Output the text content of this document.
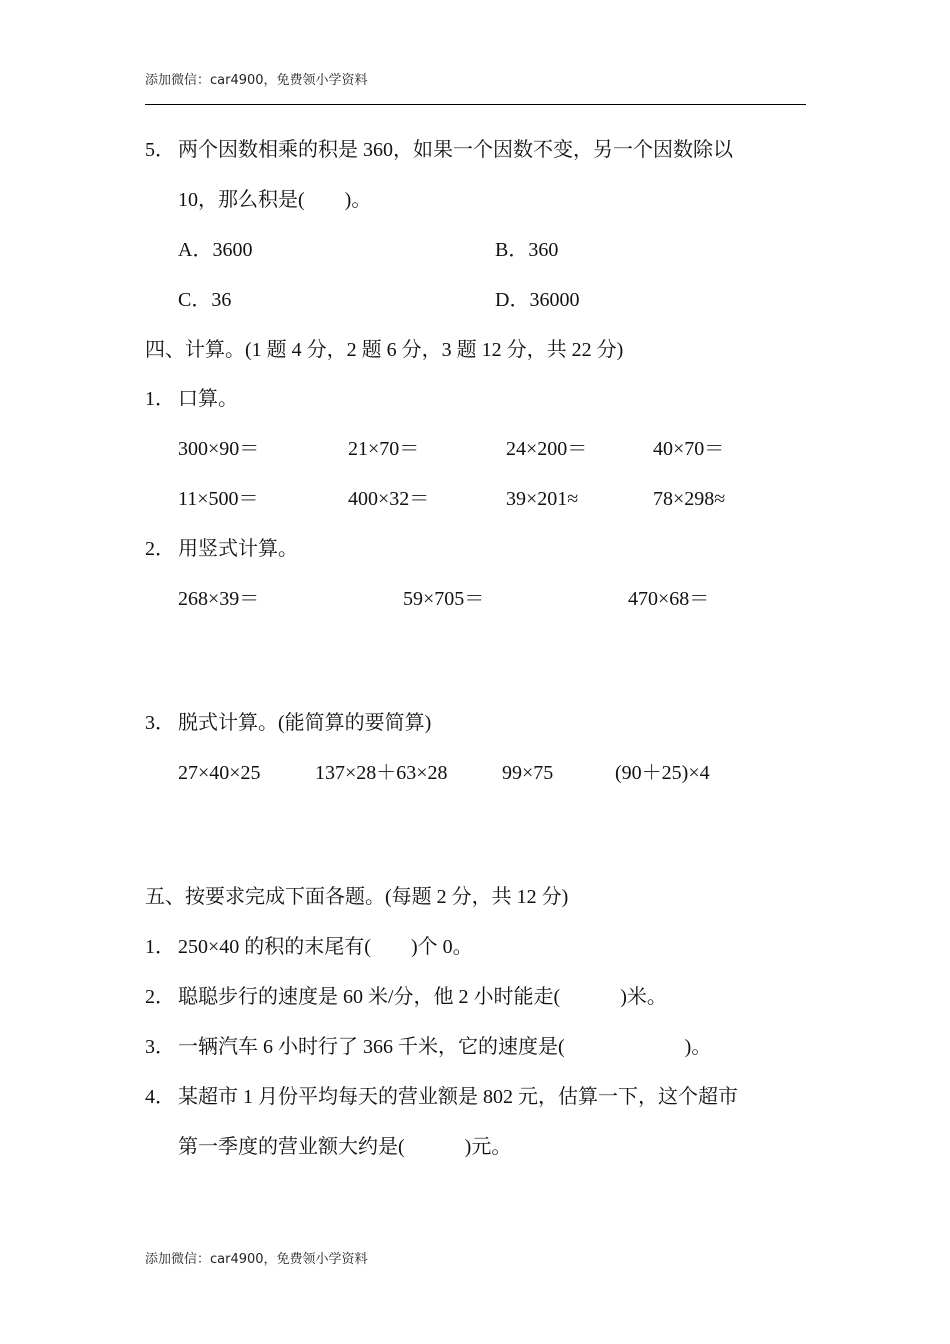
添加微信：car4900，免费领小学资料
5． 两个因数相乘的积是 360，如果一个因数不变，另一个因数除以
10，那么积是(　　)。
A．3600	B．360
C．36	D．36000
四、计算。(1 题 4 分，2 题 6 分，3 题 12 分，共 22 分)
1． 口算。
300×90＝	21×70＝	24×200＝	40×70＝
11×500＝	400×32＝	39×201≈	78×298≈
2． 用竖式计算。
268×39＝	59×705＝	470×68＝
3． 脱式计算。(能简算的要简算)
27×40×25	137×28＋63×28	99×75	(90＋25)×4
五、按要求完成下面各题。(每题 2 分，共 12 分)
1． 250×40 的积的末尾有(　　)个 0。
2． 聪聪步行的速度是 60 米/分，他 2 小时能走(　　　)米。
3． 一辆汽车 6 小时行了 366 千米，它的速度是(　　　　　　)。
4． 某超市 1 月份平均每天的营业额是 802 元，估算一下，这个超市
第一季度的营业额大约是(　　　)元。
添加微信：car4900，免费领小学资料
